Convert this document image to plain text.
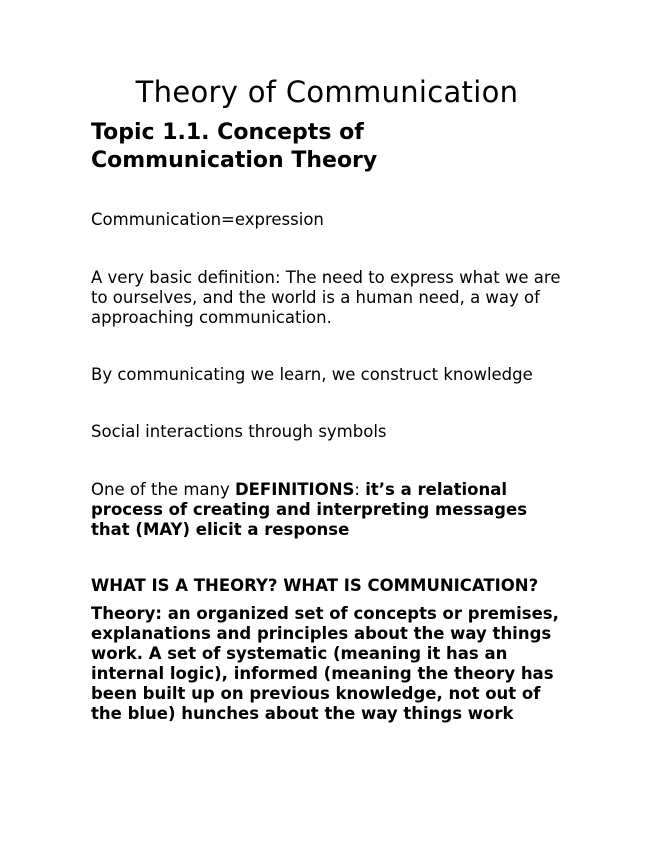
Theory of Communication
Topic 1.1. Concepts of Communication Theory

Communication=expression

A very basic definition: The need to express what we are to ourselves, and the world is a human need, a way of approaching communication.

By communicating we learn, we construct knowledge

Social interactions through symbols

One of the many DEFINITIONS: it’s a relational process of creating and interpreting messages that (MAY) elicit a response

WHAT IS A THEORY? WHAT IS COMMUNICATION?

Theory: an organized set of concepts or premises, explanations and principles about the way things work. A set of systematic (meaning it has an internal logic), informed (meaning the theory has been built up on previous knowledge, not out of the blue) hunches about the way things work
